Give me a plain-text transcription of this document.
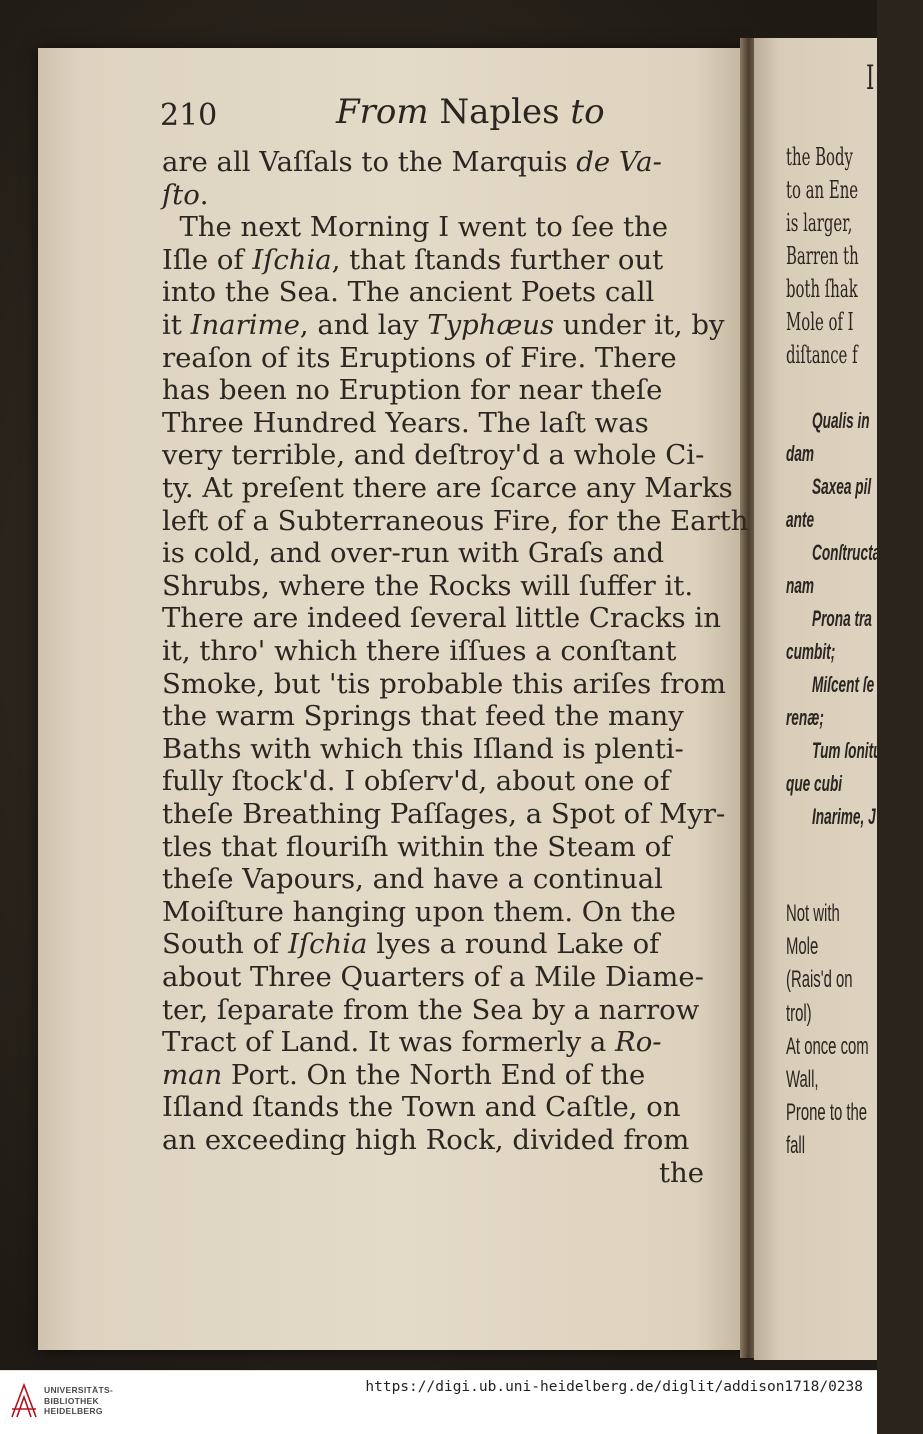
210	From Naples to
are all Vaſſals to the Marquis de Va-
ſto.
The next Morning I went to ſee the
Iſle of Iſchia, that ſtands further out
into the Sea. The ancient Poets call
it Inarime, and lay Typhæus under it, by
reaſon of its Eruptions of Fire. There
has been no Eruption for near theſe
Three Hundred Years. The laſt was
very terrible, and deſtroy'd a whole Ci-
ty. At preſent there are ſcarce any Marks
left of a Subterraneous Fire, for the Earth
is cold, and over-run with Graſs and
Shrubs, where the Rocks will ſuffer it.
There are indeed ſeveral little Cracks in
it, thro' which there iſſues a conſtant
Smoke, but 'tis probable this ariſes from
the warm Springs that feed the many
Baths with which this Iſland is plenti-
fully ſtock'd. I obſerv'd, about one of
theſe Breathing Paſſages, a Spot of Myr-
tles that flouriſh within the Steam of
theſe Vapours, and have a continual
Moiſture hanging upon them. On the
South of Iſchia lyes a round Lake of
about Three Quarters of a Mile Diame-
ter, ſeparate from the Sea by a narrow
Tract of Land. It was formerly a Ro-
man Port. On the North End of the
Iſland ſtands the Town and Caſtle, on
an exceeding high Rock, divided from
the
I
the Body
to an Ene
is larger,
Barren th
both ſhak
Mole of I
diſtance f
Qualis in
dam
Saxea pil
ante
Conſtructa
nam
Prona tra
cumbit;
Miſcent ſe
renæ;
Tum ſonitu
que cubi
Inarime, J
Not with
Mole
(Rais'd on
trol)
At once com
Wall,
Prone to the
fall
UNIVERSITÄTS-
BIBLIOTHEK
HEIDELBERG
https://digi.ub.uni-heidelberg.de/diglit/addison1718/0238
